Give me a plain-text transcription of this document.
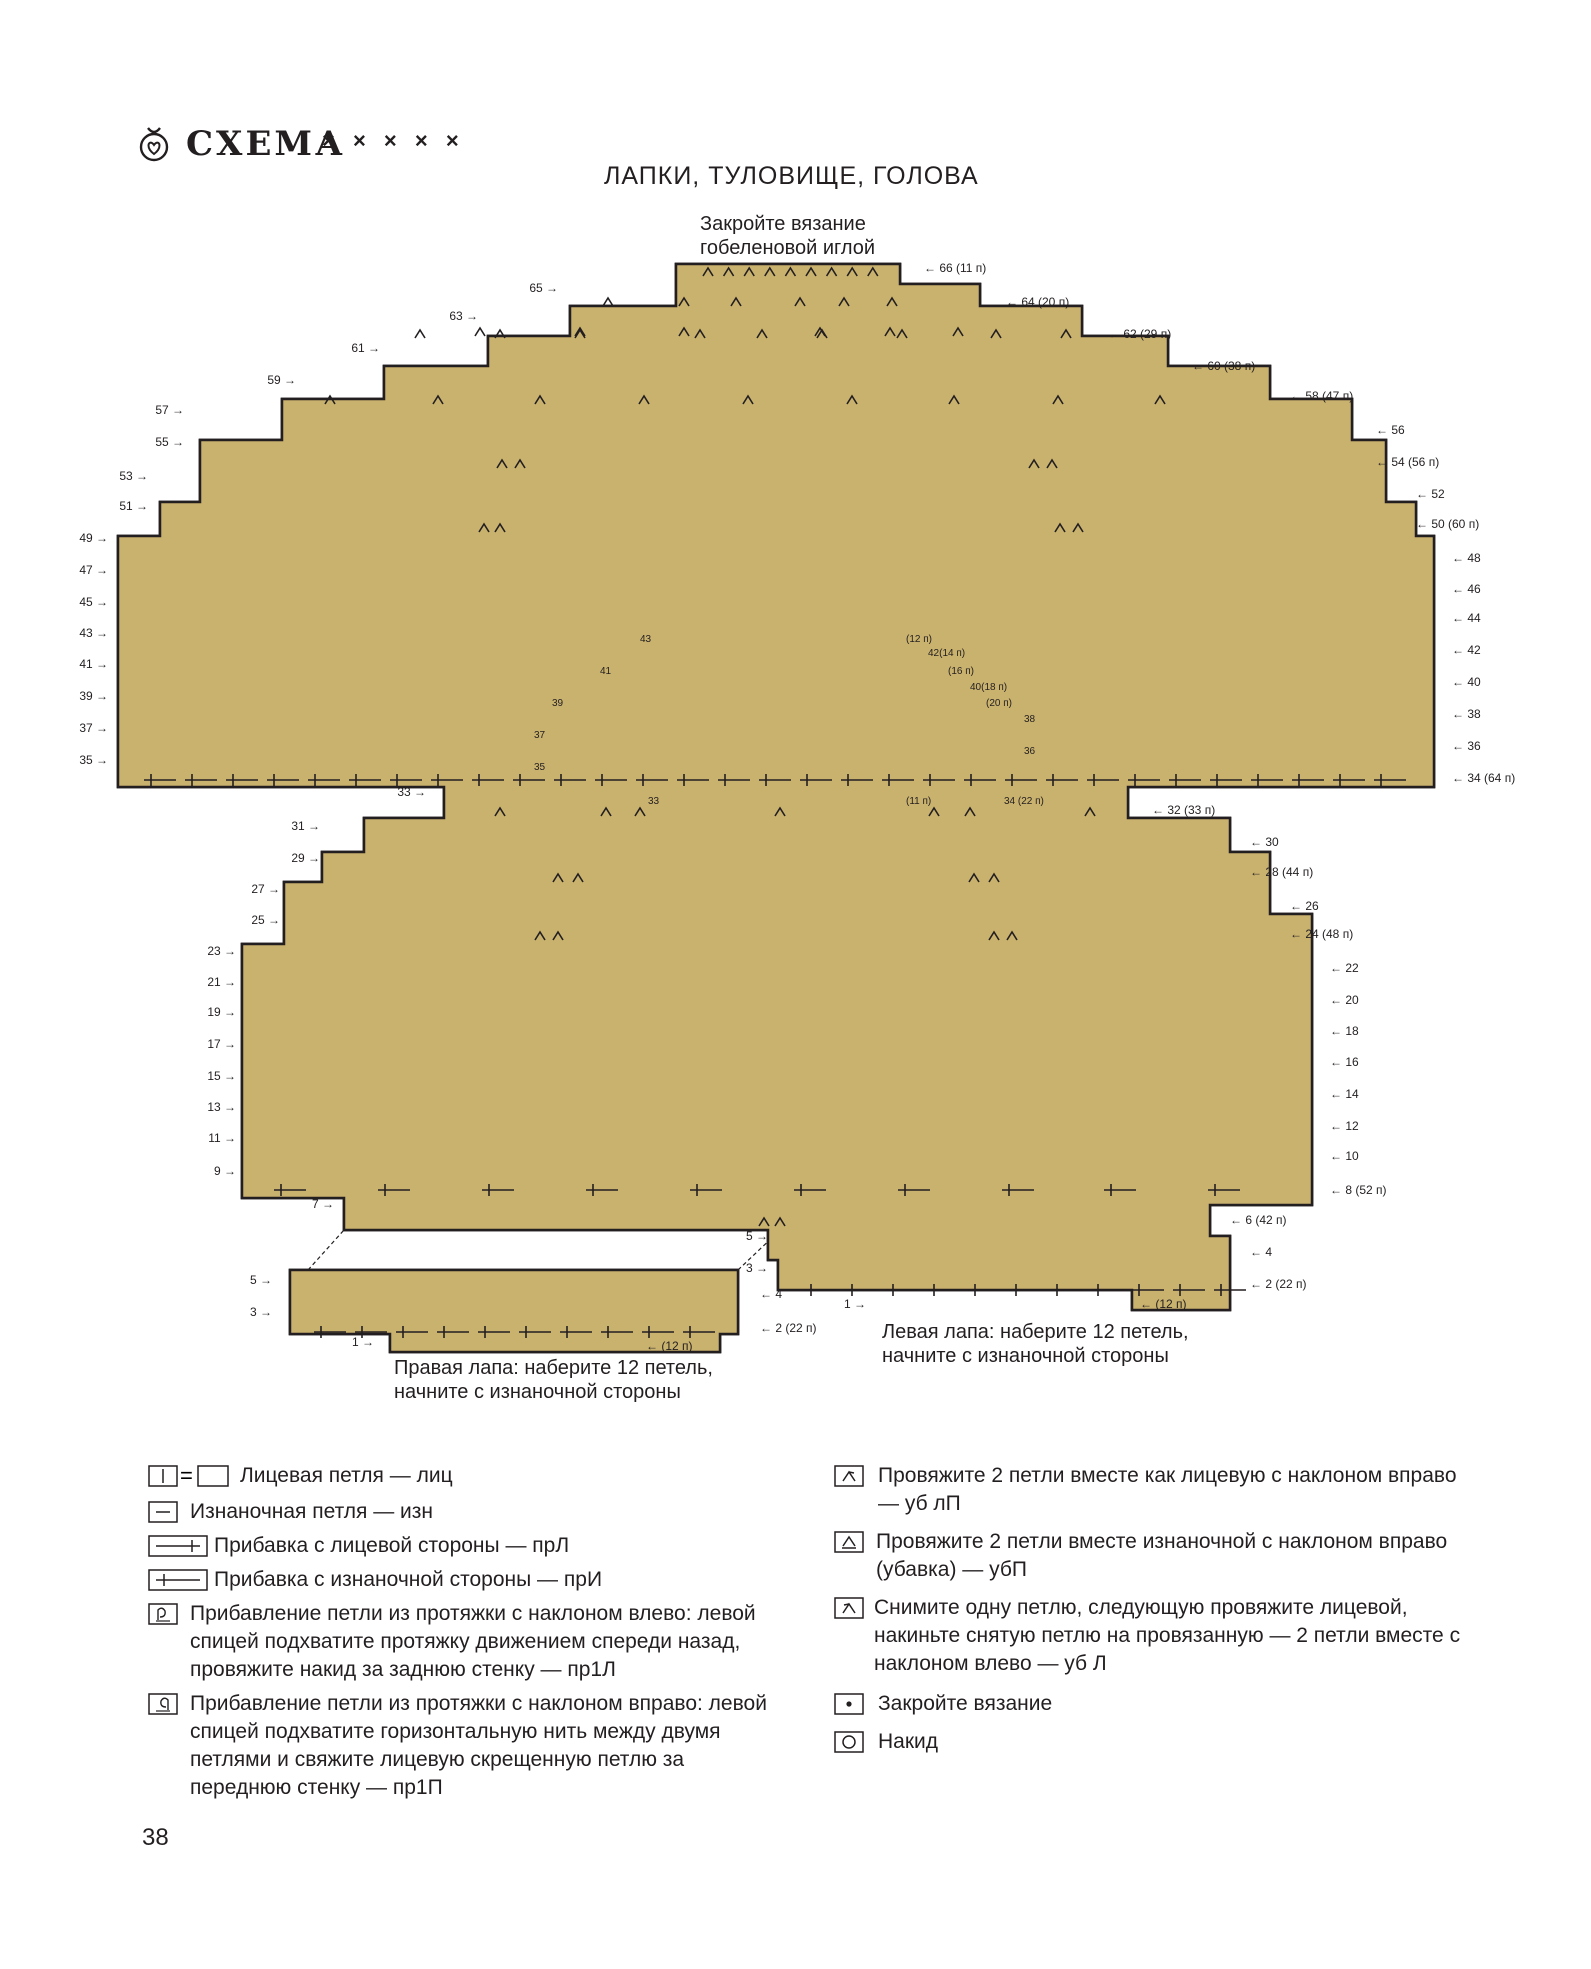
СХЕМА
× × × × ×
ЛАПКИ, ТУЛОВИЩЕ, ГОЛОВА
65 →
63 →
61 →
59 →
57 →
55 →
53 →
51 →
49 →
47 →
45 →
43 →
41 →
39 →
37 →
35 →
33 →
31 →
29 →
27 →
25 →
23 →
21 →
19 →
17 →
15 →
13 →
11 →
9 →
7 →
5 →
3 →
5 →
3 →
1 →
1 →
← 66 (11 п)
← 64 (20 п)
← 62 (29 п)
← 60 (38 п)
← 58 (47 п)
← 56
← 54 (56 п)
← 52
← 50 (60 п)
← 48
← 46
← 44
← 42
← 40
← 38
← 36
← 34 (64 п)
← 32 (33 п)
← 30
← 28 (44 п)
← 26
← 24 (48 п)
← 22
← 20
← 18
← 16
← 14
← 12
← 10
← 8 (52 п)
← 6 (42 п)
← 4
← 2 (22 п)
← (12 п)
← 4
← 2 (22 п)
← (12 п)
43	(12 п)
42(14 п)
41	(16 п)
40(18 п)
39	(20 п)
38
37
36
35
33	(11 п)	34 (22 п)
Закройте вязание
гобеленовой иглой
Правая лапа: наберите 12 петель,
начните с изнаночной стороны
Левая лапа: наберите 12 петель,
начните с изнаночной стороны
38
= Лицевая петля — лиц
Изнаночная петля — изн
Прибавка с лицевой стороны — прЛ
Прибавка с изнаночной стороны — прИ
Прибавление петли из протяжки с наклоном влево: левой спицей подхватите протяжку движением спереди назад, провяжите накид за заднюю стенку — пр1Л
Прибавление петли из протяжки с наклоном вправо: левой спицей подхватите горизонтальную нить между двумя петлями и свяжите лицевую скрещенную петлю за переднюю стенку — пр1П
Провяжите 2 петли вместе как лицевую с наклоном вправо — уб лП
Провяжите 2 петли вместе изнаночной с наклоном вправо (убавка) — убП
Снимите одну петлю, следующую провяжите лицевой, накиньте снятую петлю на провязанную — 2 петли вместе с наклоном влево — уб Л
Закройте вязание
Накид
